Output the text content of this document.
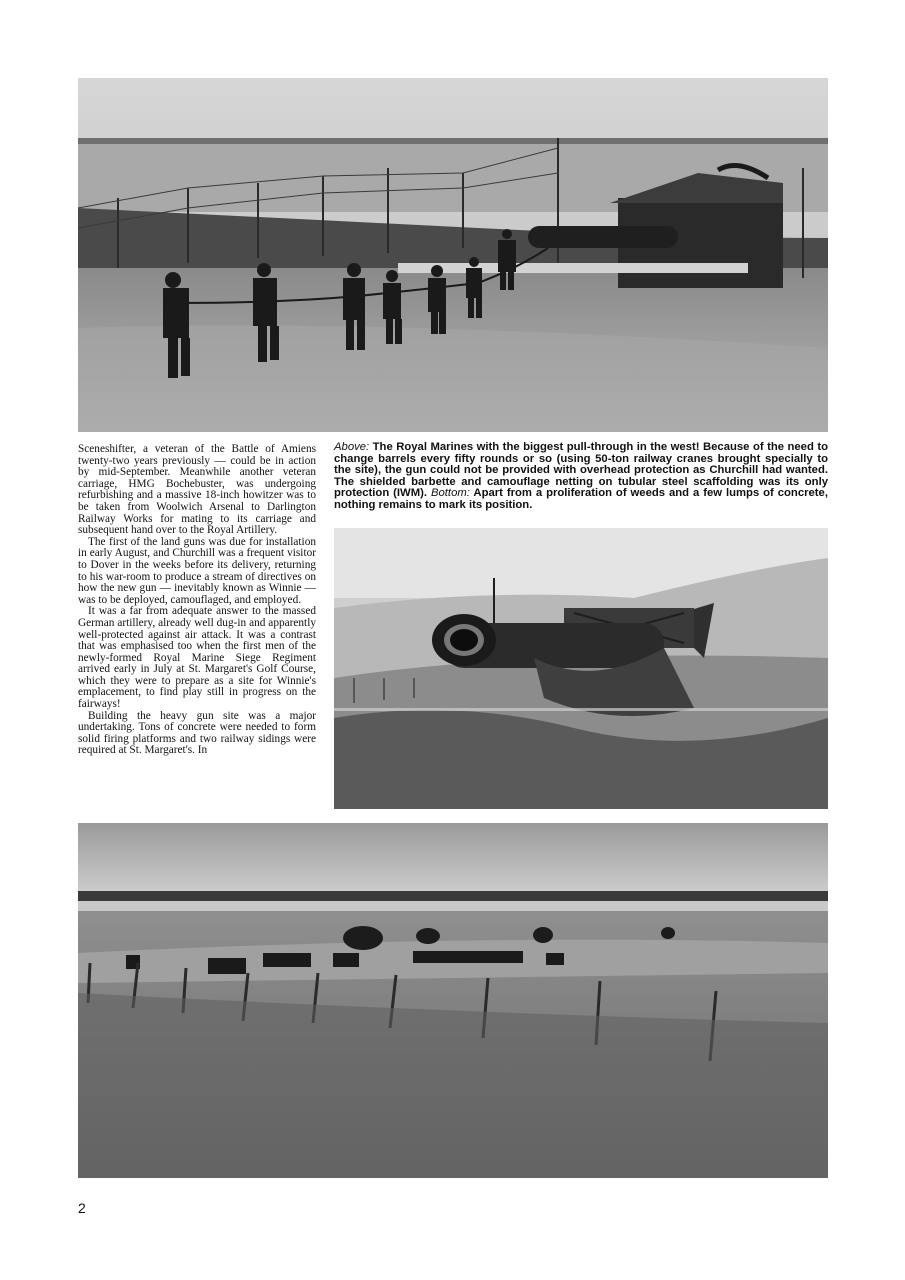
Sceneshifter, a veteran of the Battle of Amiens twenty-two years previously — could be in action by mid-September. Meanwhile another veteran carriage, HMG Bochebuster, was undergoing refurbishing and a massive 18-inch howitzer was to be taken from Woolwich Arsenal to Darlington Railway Works for mating to its carriage and subsequent hand over to the Royal Artillery.

The first of the land guns was due for installation in early August, and Churchill was a frequent visitor to Dover in the weeks before its delivery, returning to his war-room to produce a stream of directives on how the new gun — inevitably known as Winnie — was to be deployed, camouflaged, and employed.

It was a far from adequate answer to the massed German artillery, already well dug-in and apparently well-protected against air attack. It was a contrast that was emphasised too when the first men of the newly-formed Royal Marine Siege Regiment arrived early in July at St. Margaret's Golf Course, which they were to prepare as a site for Winnie's emplacement, to find play still in progress on the fairways!

Building the heavy gun site was a major undertaking. Tons of concrete were needed to form solid firing platforms and two railway sidings were required at St. Margaret's. In

Above: The Royal Marines with the biggest pull-through in the west! Because of the need to change barrels every fifty rounds or so (using 50-ton railway cranes brought specially to the site), the gun could not be provided with overhead protection as Churchill had wanted. The shielded barbette and camouflage netting on tubular steel scaffolding was its only protection (IWM). Bottom: Apart from a proliferation of weeds and a few lumps of concrete, nothing remains to mark its position.
2
